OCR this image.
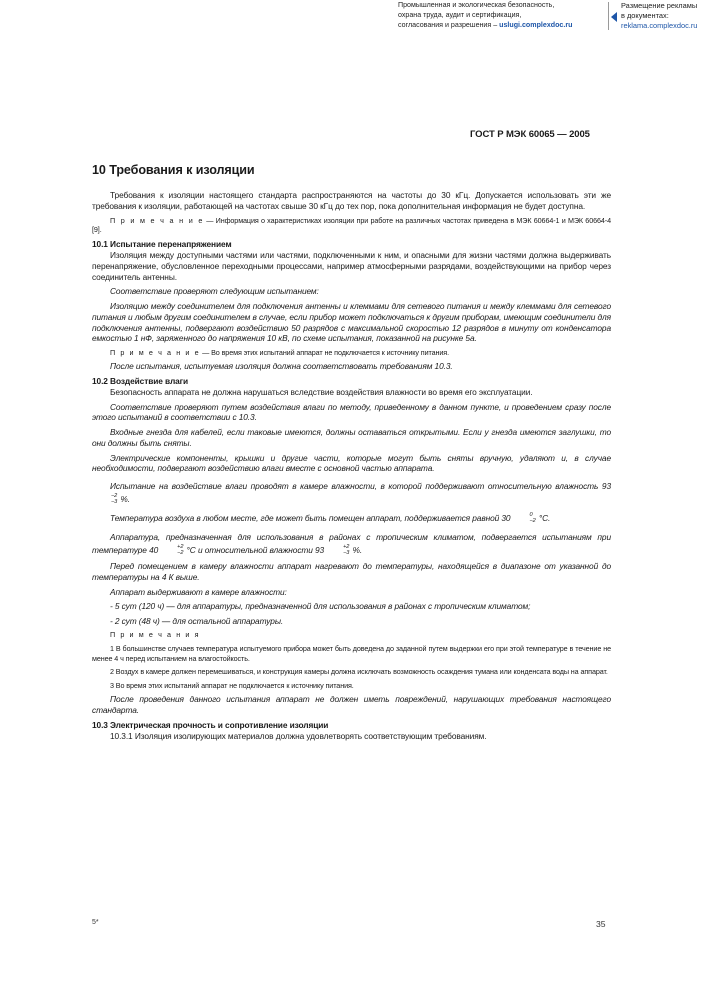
Промышленная и экологическая безопасность,
охрана труда, аудит и сертификация,
согласования и разрешения – uslugi.complexdoc.ru
Размещение рекламы
в документах:
reklama.complexdoc.ru
ГОСТ Р МЭК 60065 — 2005
10 Требования к изоляции

Требования к изоляции настоящего стандарта распространяются на частоты до 30 кГц. Допускается использовать эти же требования к изоляции, работающей на частотах свыше 30 кГц до тех пор, пока дополнительная информация не будет доступна.

П р и м е ч а н и е — Информация о характеристиках изоляции при работе на различных частотах приведена в МЭК 60664-1 и МЭК 60664-4 [9].

10.1 Испытание перенапряжением

Изоляция между доступными частями или частями, подключенными к ним, и опасными для жизни частями должна выдерживать перенапряжение, обусловленное переходными процессами, например атмосферными разрядами, воздействующими на прибор через соединитель антенны.

Соответствие проверяют следующим испытанием:

Изоляцию между соединителем для подключения антенны и клеммами для сетевого питания и между клеммами для сетевого питания и любым другим соединителем в случае, если прибор может подключаться к другим приборам, имеющим соединители для подключения антенны, подвергают воздействию 50 разрядов с максимальной скоростью 12 разрядов в минуту от конденсатора емкостью 1 нФ, заряженного до напряжения 10 кВ, по схеме испытания, показанной на рисунке 5а.

П р и м е ч а н и е — Во время этих испытаний аппарат не подключается к источнику питания.

После испытания, испытуемая изоляция должна соответствовать требованиям 10.3.

10.2 Воздействие влаги

Безопасность аппарата не должна нарушаться вследствие воздействия влажности во время его эксплуатации.

Соответствие проверяют путем воздействия влаги по методу, приведенному в данном пункте, и проведением сразу после этого испытаний в соответствии с 10.3.

Входные гнезда для кабелей, если таковые имеются, должны оставаться открытыми. Если у гнезда имеются заглушки, то они должны быть сняты.

Электрические компоненты, крышки и другие части, которые могут быть сняты вручную, удаляют и, в случае необходимости, подвергают воздействию влаги вместе с основной частью аппарата.

Испытание на воздействие влаги проводят в камере влажности, в которой поддерживают относительную влажность 93
−2
−3 %.

Температура воздуха в любом месте, где может быть помещен аппарат, поддерживается равной 30	0
−2 °C.

Аппаратура, предназначенная для использования в районах с тропическим климатом, подвергается испытаниям при температуре 40	+2
−2 °C и относительной влажности 93	+2
−3 %.

Перед помещением в камеру влажности аппарат нагревают до температуры, находящейся в диапазоне от указанной до температуры на 4 К выше.

Аппарат выдерживают в камере влажности:

- 5 сут (120 ч) — для аппаратуры, предназначенной для использования в районах с тропическим климатом;

- 2 сут (48 ч) — для остальной аппаратуры.

П р и м е ч а н и я

1 В большинстве случаев температура испытуемого прибора может быть доведена до заданной путем выдержки его при этой температуре в течение не менее 4 ч перед испытанием на влагостойкость.

2 Воздух в камере должен перемешиваться, и конструкция камеры должна исключать возможность осаждения тумана или конденсата воды на аппарат.

3 Во время этих испытаний аппарат не подключается к источнику питания.

После проведения данного испытания аппарат не должен иметь повреждений, нарушающих требования настоящего стандарта.

10.3 Электрическая прочность и сопротивление изоляции

10.3.1 Изоляция изолирующих материалов должна удовлетворять соответствующим требованиям.

5*	35
